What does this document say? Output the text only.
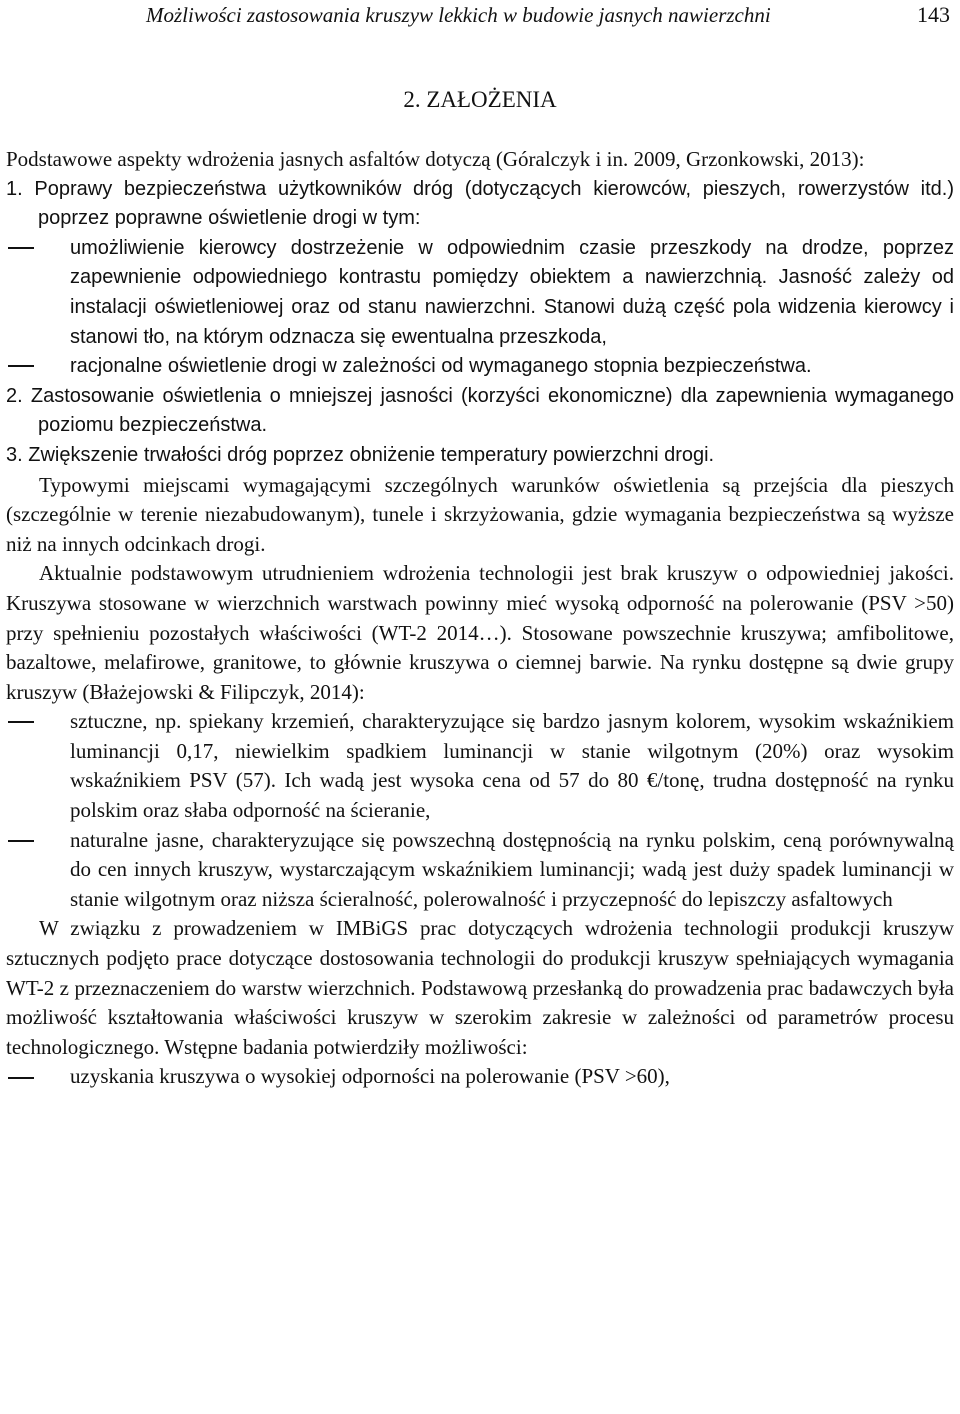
Możliwości zastosowania kruszyw lekkich w budowie jasnych nawierzchni	143
2. ZAŁOŻENIA

Podstawowe aspekty wdrożenia jasnych asfaltów dotyczą (Góralczyk i in. 2009, Grzonkowski, 2013):

1. Poprawy bezpieczeństwa użytkowników dróg (dotyczących kierowców, pieszych, rowerzystów itd.) poprzez poprawne oświetlenie drogi w tym:

umożliwienie kierowcy dostrzeżenie w odpowiednim czasie przeszkody na drodze, poprzez zapewnienie odpowiedniego kontrastu pomiędzy obiektem a nawierzchnią. Jasność zależy od instalacji oświetleniowej oraz od stanu nawierzchni. Stanowi dużą część pola widzenia kierowcy i stanowi tło, na którym odznacza się ewentualna przeszkoda,

racjonalne oświetlenie drogi w zależności od wymaganego stopnia bezpieczeństwa.

2. Zastosowanie oświetlenia o mniejszej jasności (korzyści ekonomiczne) dla zapewnienia wymaganego poziomu bezpieczeństwa.

3. Zwiększenie trwałości dróg poprzez obniżenie temperatury powierzchni drogi.

Typowymi miejscami wymagającymi szczególnych warunków oświetlenia są przejścia dla pieszych (szczególnie w terenie niezabudowanym), tunele i skrzyżowania, gdzie wymagania bezpieczeństwa są wyższe niż na innych odcinkach drogi.

Aktualnie podstawowym utrudnieniem wdrożenia technologii jest brak kruszyw o odpowiedniej jakości. Kruszywa stosowane w wierzchnich warstwach powinny mieć wysoką odporność na polerowanie (PSV >50) przy spełnieniu pozostałych właściwości (WT-2 2014…). Stosowane powszechnie kruszywa; amfibolitowe, bazaltowe, melafirowe, granitowe, to głównie kruszywa o ciemnej barwie. Na rynku dostępne są dwie grupy kruszyw (Błażejowski & Filipczyk, 2014):

sztuczne, np. spiekany krzemień, charakteryzujące się bardzo jasnym kolorem, wysokim wskaźnikiem luminancji 0,17, niewielkim spadkiem luminancji w stanie wilgotnym (20%) oraz wysokim wskaźnikiem PSV (57). Ich wadą jest wysoka cena od 57 do 80 €/tonę, trudna dostępność na rynku polskim oraz słaba odporność na ścieranie,

naturalne jasne, charakteryzujące się powszechną dostępnością na rynku polskim, ceną porównywalną do cen innych kruszyw, wystarczającym wskaźnikiem luminancji; wadą jest duży spadek luminancji w stanie wilgotnym oraz niższa ścieralność, polerowalność i przyczepność do lepiszczy asfaltowych

W związku z prowadzeniem w IMBiGS prac dotyczących wdrożenia technologii produkcji kruszyw sztucznych podjęto prace dotyczące dostosowania technologii do produkcji kruszyw spełniających wymagania WT-2 z przeznaczeniem do warstw wierzchnich. Podstawową przesłanką do prowadzenia prac badawczych była możliwość kształtowania właściwości kruszyw w szerokim zakresie w zależności od parametrów procesu technologicznego. Wstępne badania potwierdziły możliwości:

uzyskania kruszywa o wysokiej odporności na polerowanie (PSV >60),
